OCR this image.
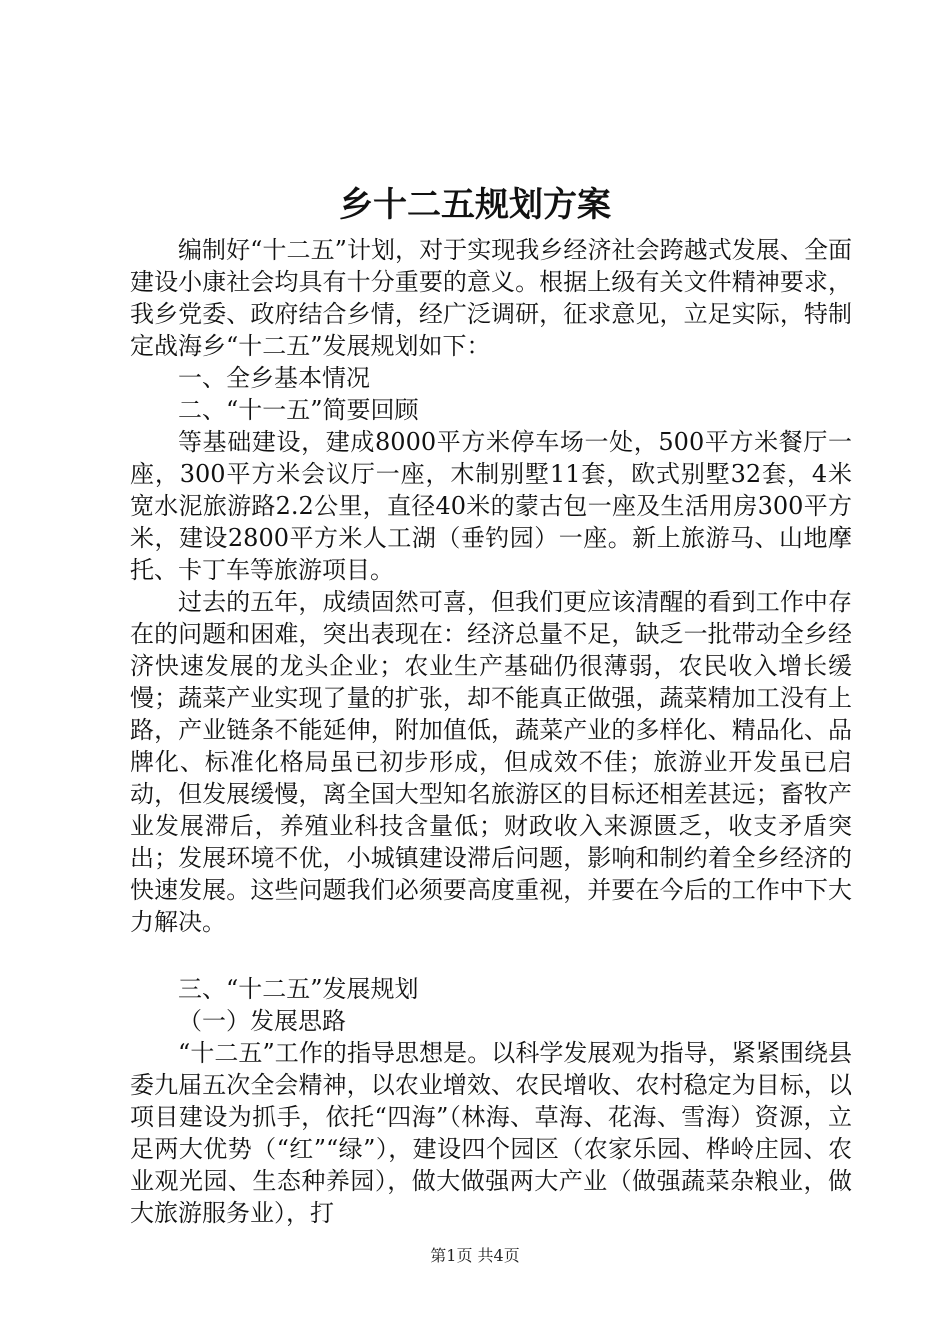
乡十二五规划方案

编制好“十二五”计划，对于实现我乡经济社会跨越式发展、全面建设小康社会均具有十分重要的意义。根据上级有关文件精神要求，我乡党委、政府结合乡情，经广泛调研，征求意见，立足实际，特制定战海乡“十二五”发展规划如下：

一、全乡基本情况

二、“十一五”简要回顾

等基础建设，建成8000平方米停车场一处，500平方米餐厅一座，300平方米会议厅一座，木制别墅11套，欧式别墅32套，4米宽水泥旅游路2.2公里，直径40米的蒙古包一座及生活用房300平方米，建设2800平方米人工湖（垂钓园）一座。新上旅游马、山地摩托、卡丁车等旅游项目。

过去的五年，成绩固然可喜，但我们更应该清醒的看到工作中存在的问题和困难，突出表现在：经济总量不足，缺乏一批带动全乡经济快速发展的龙头企业；农业生产基础仍很薄弱，农民收入增长缓慢；蔬菜产业实现了量的扩张，却不能真正做强，蔬菜精加工没有上路，产业链条不能延伸，附加值低，蔬菜产业的多样化、精品化、品牌化、标准化格局虽已初步形成，但成效不佳；旅游业开发虽已启动，但发展缓慢，离全国大型知名旅游区的目标还相差甚远；畜牧产业发展滞后，养殖业科技含量低；财政收入来源匮乏，收支矛盾突出；发展环境不优，小城镇建设滞后问题，影响和制约着全乡经济的快速发展。这些问题我们必须要高度重视，并要在今后的工作中下大力解决。

三、“十二五”发展规划

（一）发展思路

“十二五”工作的指导思想是。以科学发展观为指导，紧紧围绕县委九届五次全会精神，以农业增效、农民增收、农村稳定为目标，以项目建设为抓手，依托“四海”（林海、草海、花海、雪海）资源，立足两大优势（“红”“绿”），建设四个园区（农家乐园、桦岭庄园、农业观光园、生态种养园），做大做强两大产业（做强蔬菜杂粮业，做大旅游服务业），打

第1页 共4页
